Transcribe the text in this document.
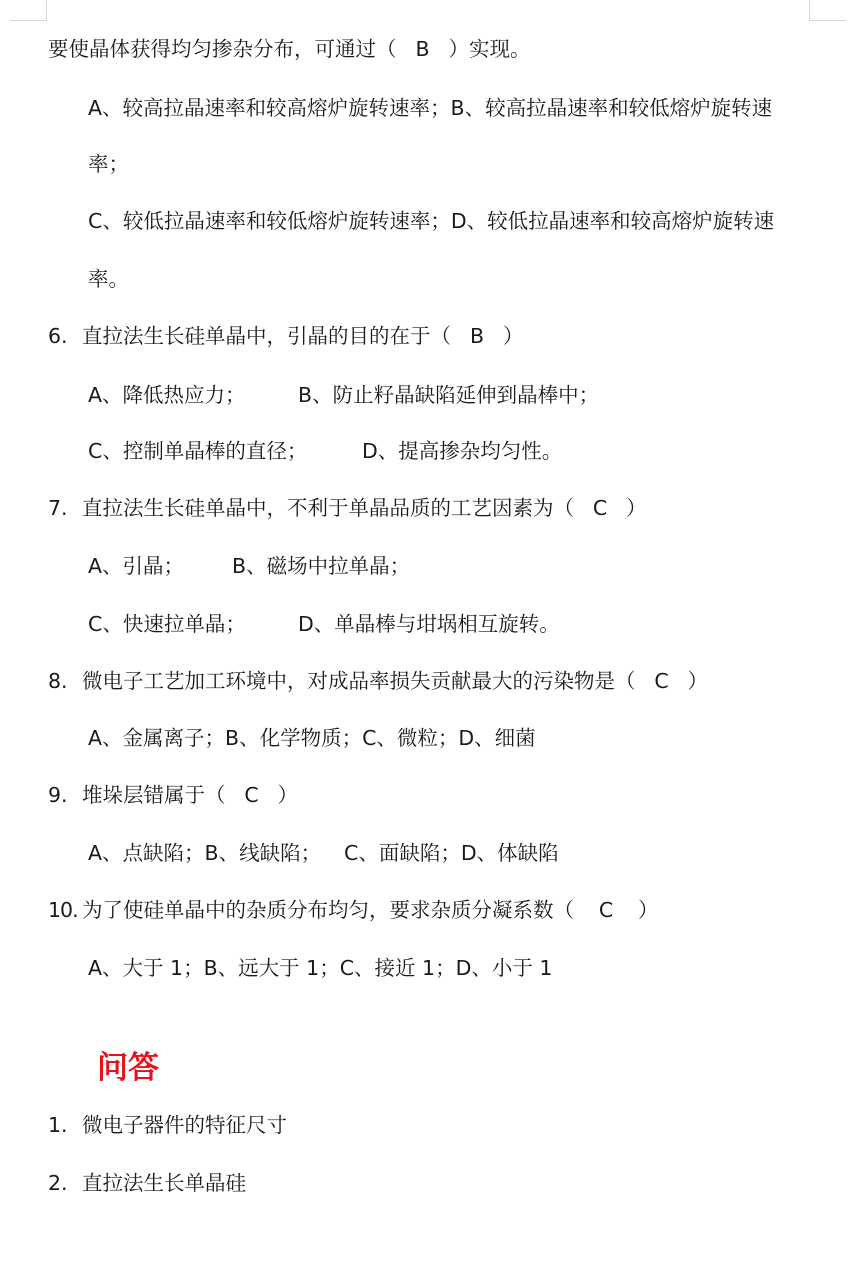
要使晶体获得均匀掺杂分布，可通过（ B ）实现。
A、较高拉晶速率和较高熔炉旋转速率；B、较高拉晶速率和较低熔炉旋转速
率；
C、较低拉晶速率和较低熔炉旋转速率；D、较低拉晶速率和较高熔炉旋转速
率。
6. 直拉法生长硅单晶中，引晶的目的在于（ B ）
A、降低热应力；	B、防止籽晶缺陷延伸到晶棒中；
C、控制单晶棒的直径；	D、提高掺杂均匀性。
7. 直拉法生长硅单晶中，不利于单晶品质的工艺因素为（ C ）
A、引晶； B、磁场中拉单晶；
C、快速拉单晶；	D、单晶棒与坩埚相互旋转。
8. 微电子工艺加工环境中，对成品率损失贡献最大的污染物是（ C ）
A、金属离子；B、化学物质；C、微粒；D、细菌
9. 堆垛层错属于（ C ）
A、点缺陷；B、线缺陷； C、面缺陷；D、体缺陷
10. 为了使硅单晶中的杂质分布均匀，要求杂质分凝系数（ C ）
A、大于 1；B、远大于 1；C、接近 1；D、小于 1
问答
1. 微电子器件的特征尺寸
2. 直拉法生长单晶硅
